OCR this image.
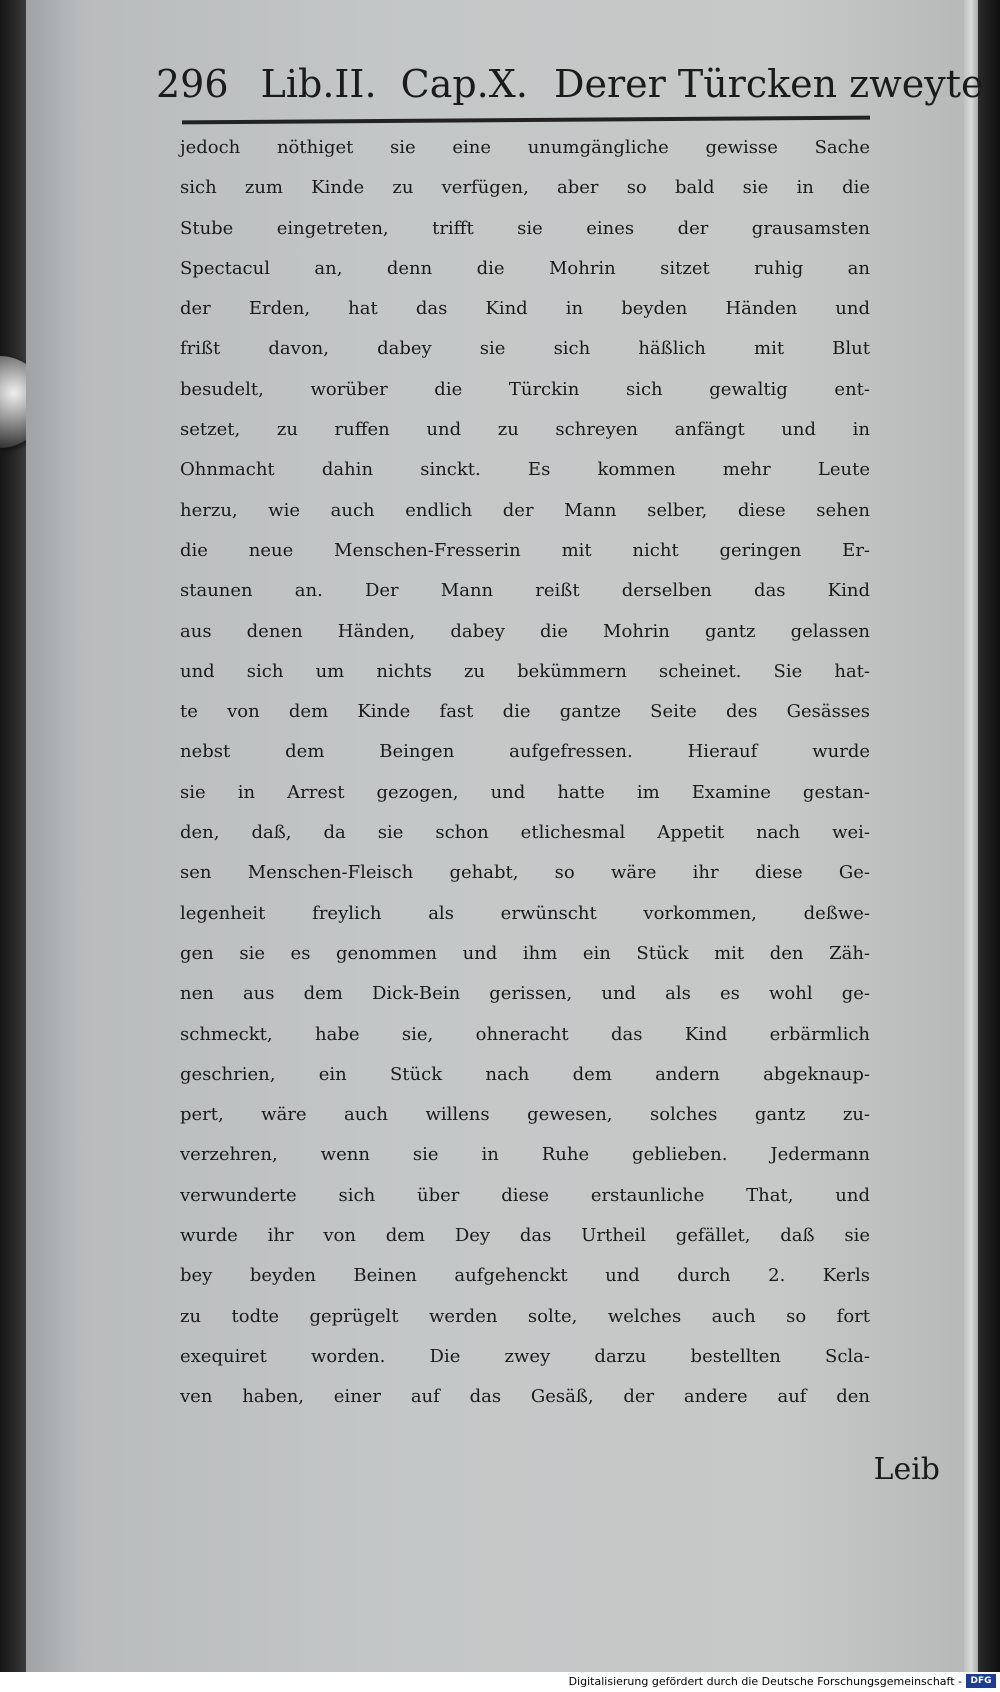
296 Lib.II. Cap.X. Derer Türcken zweyte
jedoch nöthiget sie eine unumgängliche gewisse Sache
sich zum Kinde zu verfügen, aber so bald sie in die
Stube eingetreten, trifft sie eines der grausamsten
Spectacul an, denn die Mohrin sitzet ruhig an
der Erden, hat das Kind in beyden Händen und
frißt davon, dabey sie sich häßlich mit Blut
besudelt, worüber die Türckin sich gewaltig ent-
setzet, zu ruffen und zu schreyen anfängt und in
Ohnmacht dahin sinckt. Es kommen mehr Leute
herzu, wie auch endlich der Mann selber, diese sehen
die neue Menschen-Fresserin mit nicht geringen Er-
staunen an. Der Mann reißt derselben das Kind
aus denen Händen, dabey die Mohrin gantz gelassen
und sich um nichts zu bekümmern scheinet. Sie hat-
te von dem Kinde fast die gantze Seite des Gesässes
nebst dem Beingen aufgefressen. Hierauf wurde
sie in Arrest gezogen, und hatte im Examine gestan-
den, daß, da sie schon etlichesmal Appetit nach wei-
sen Menschen-Fleisch gehabt, so wäre ihr diese Ge-
legenheit freylich als erwünscht vorkommen, deßwe-
gen sie es genommen und ihm ein Stück mit den Zäh-
nen aus dem Dick-Bein gerissen, und als es wohl ge-
schmeckt, habe sie, ohneracht das Kind erbärmlich
geschrien, ein Stück nach dem andern abgeknaup-
pert, wäre auch willens gewesen, solches gantz zu-
verzehren, wenn sie in Ruhe geblieben. Jedermann
verwunderte sich über diese erstaunliche That, und
wurde ihr von dem Dey das Urtheil gefället, daß sie
bey beyden Beinen aufgehenckt und durch 2. Kerls
zu todte geprügelt werden solte, welches auch so fort
exequiret worden. Die zwey darzu bestellten Scla-
ven haben, einer auf das Gesäß, der andere auf den
Leib
Digitalisierung gefördert durch die Deutsche Forschungsgemeinschaft - DFG
